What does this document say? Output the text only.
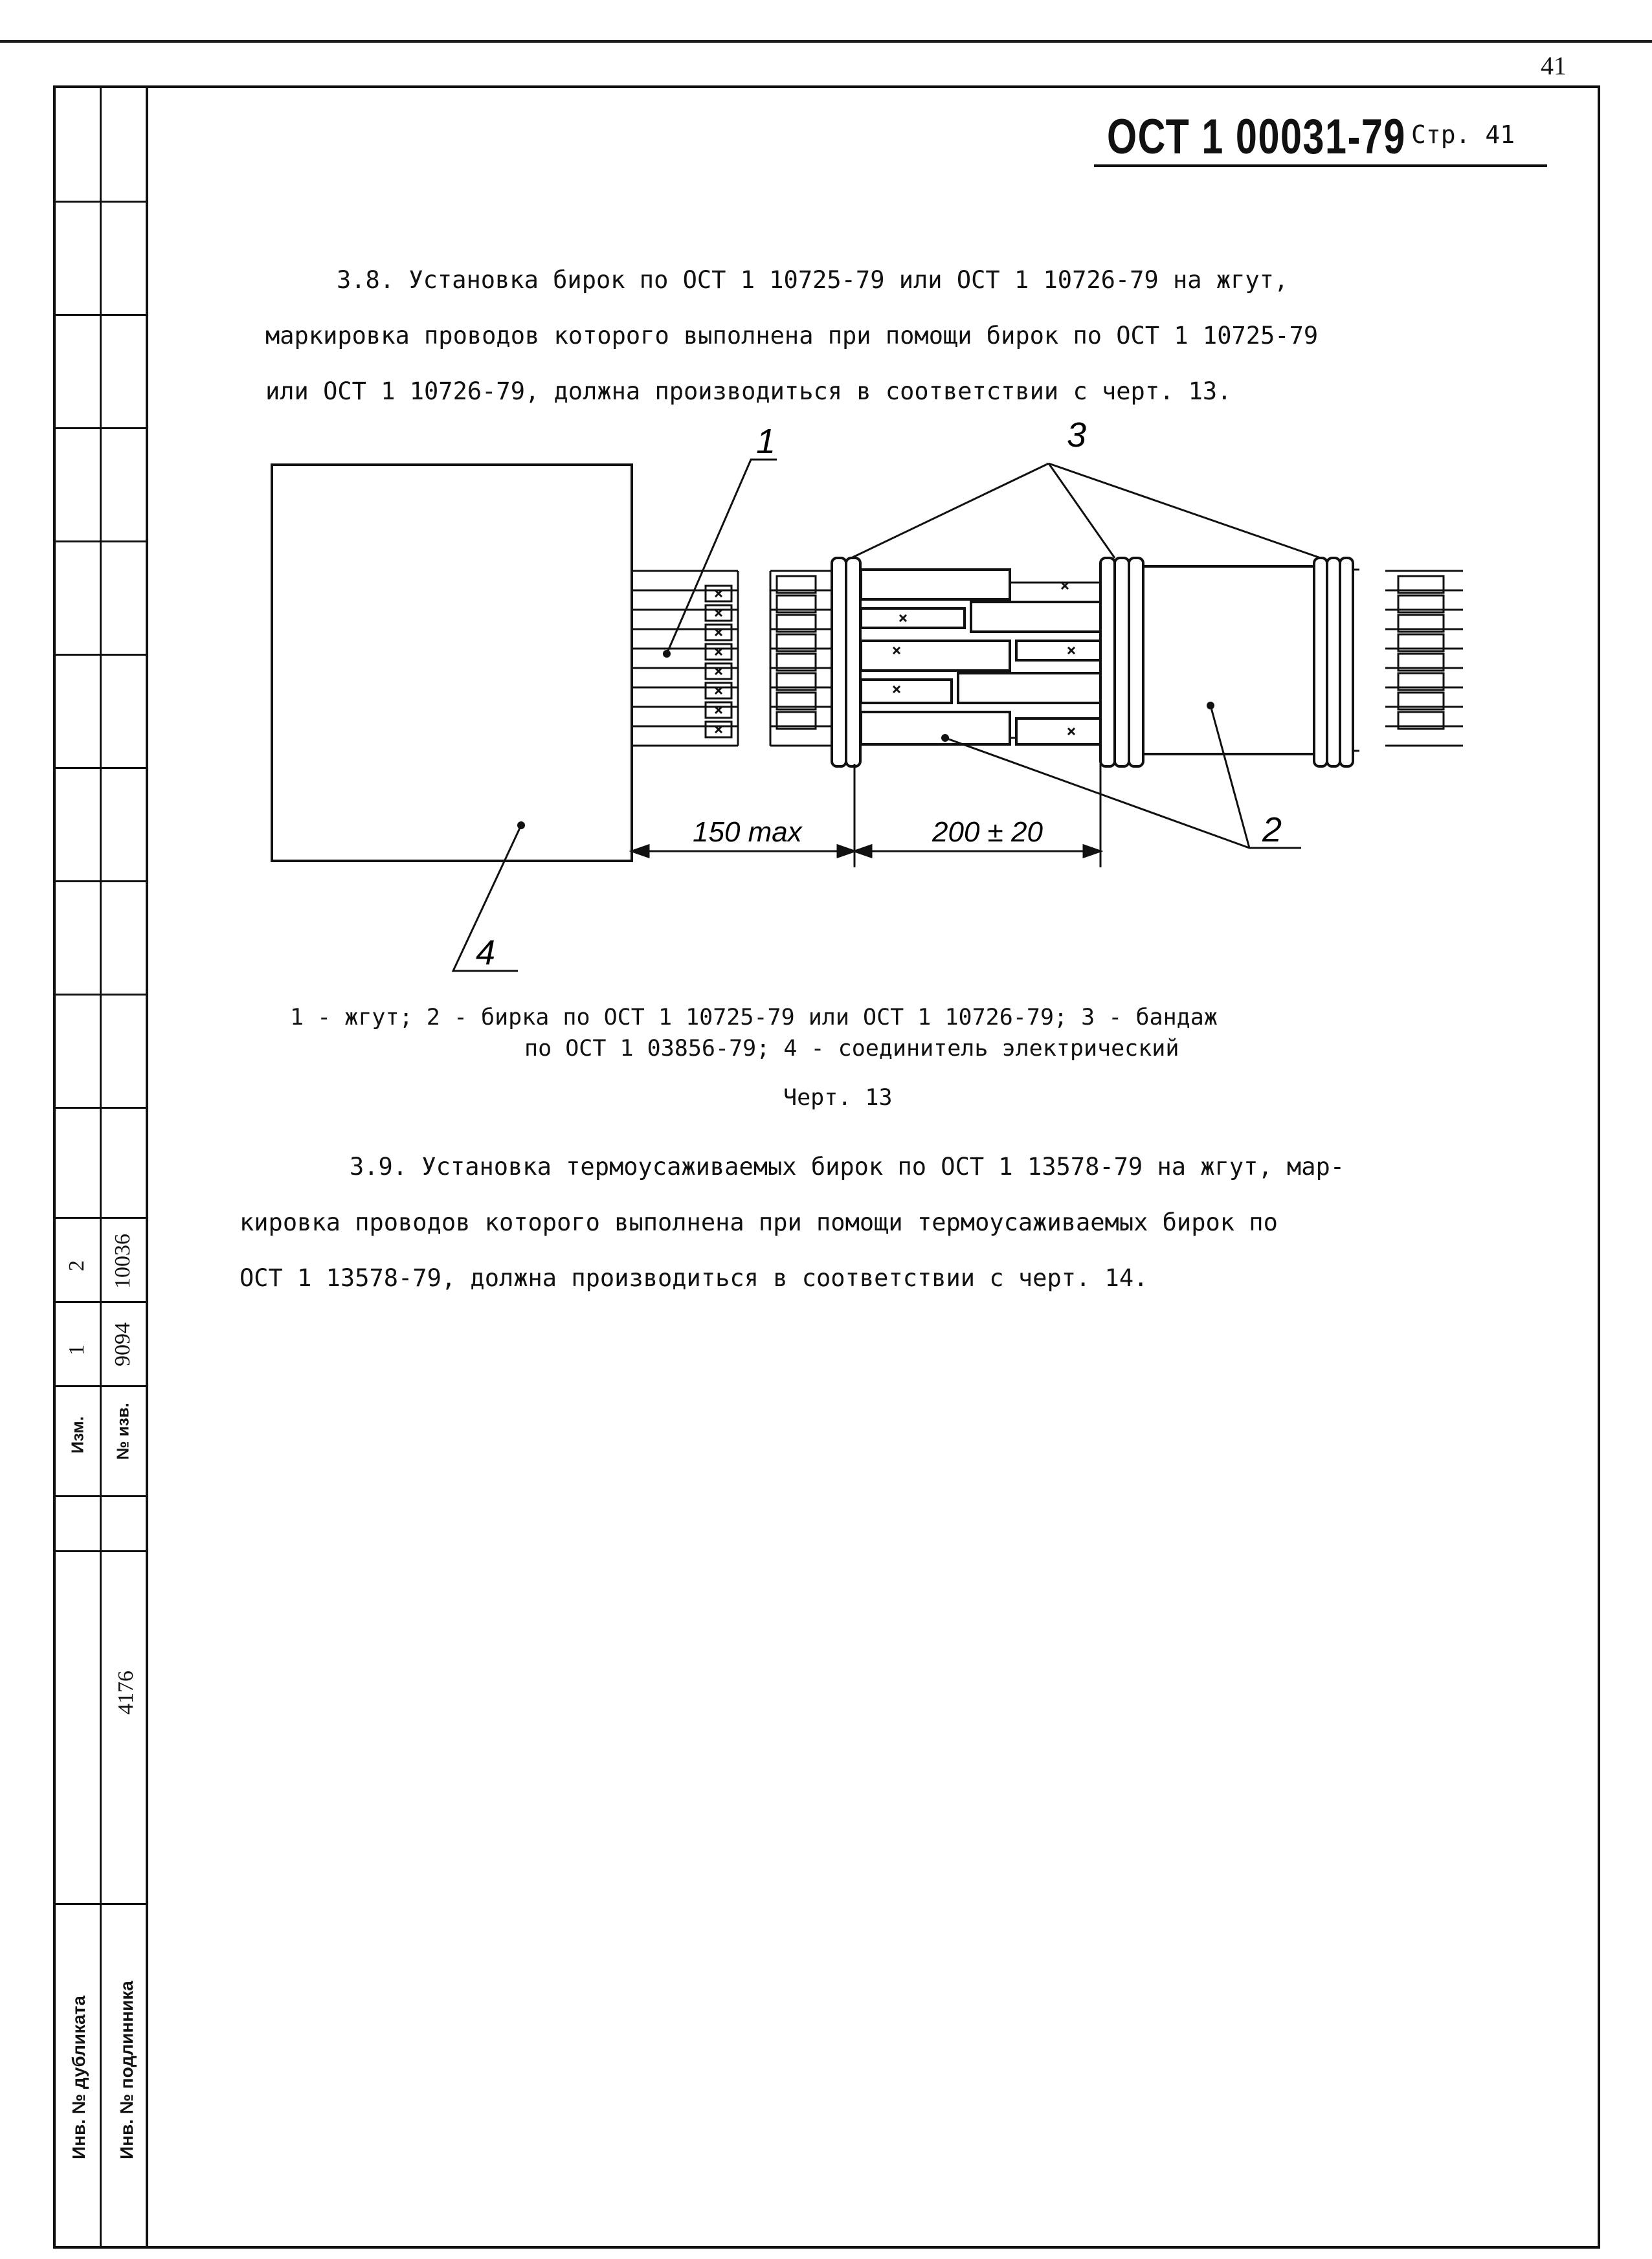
41
2 10036
1 9094
Изм. № изв.
4176
Инв. № дубликата Инв. № подлинника
ОСТ 1 00031-79 Стр. 41
3.8. Установка бирок по ОСТ 1 10725-79 или ОСТ 1 10726-79 на жгут,
маркировка проводов которого выполнена при помощи бирок по ОСТ 1 10725-79
или ОСТ 1 10726-79, должна производиться в соответствии с черт. 13.
1	3
2
4
150 max	200 ± 20
1 - жгут; 2 - бирка по ОСТ 1 10725-79 или ОСТ 1 10726-79; 3 - бандаж
по ОСТ 1 03856-79; 4 - соединитель электрический
Черт. 13
3.9. Установка термоусаживаемых бирок по ОСТ 1 13578-79 на жгут, мар-
кировка проводов которого выполнена при помощи термоусаживаемых бирок по
ОСТ 1 13578-79, должна производиться в соответствии с черт. 14.
